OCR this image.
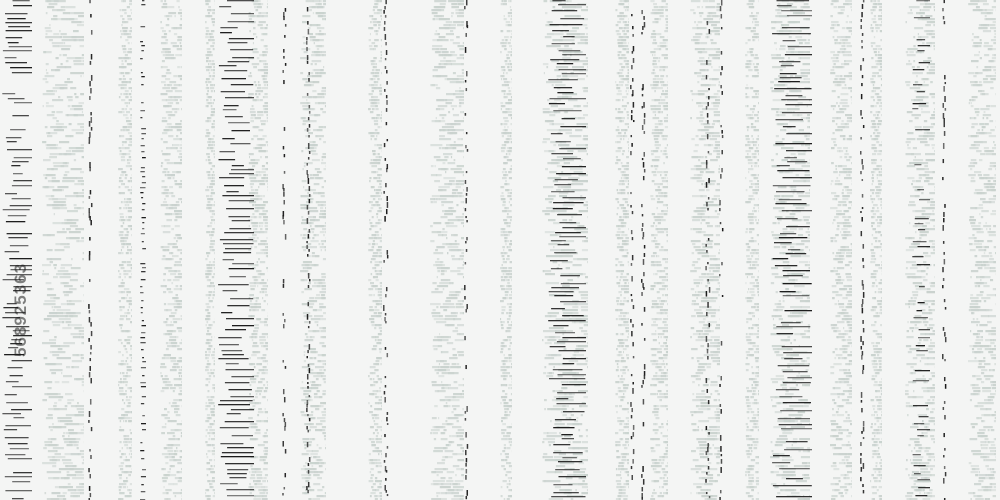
568925363
